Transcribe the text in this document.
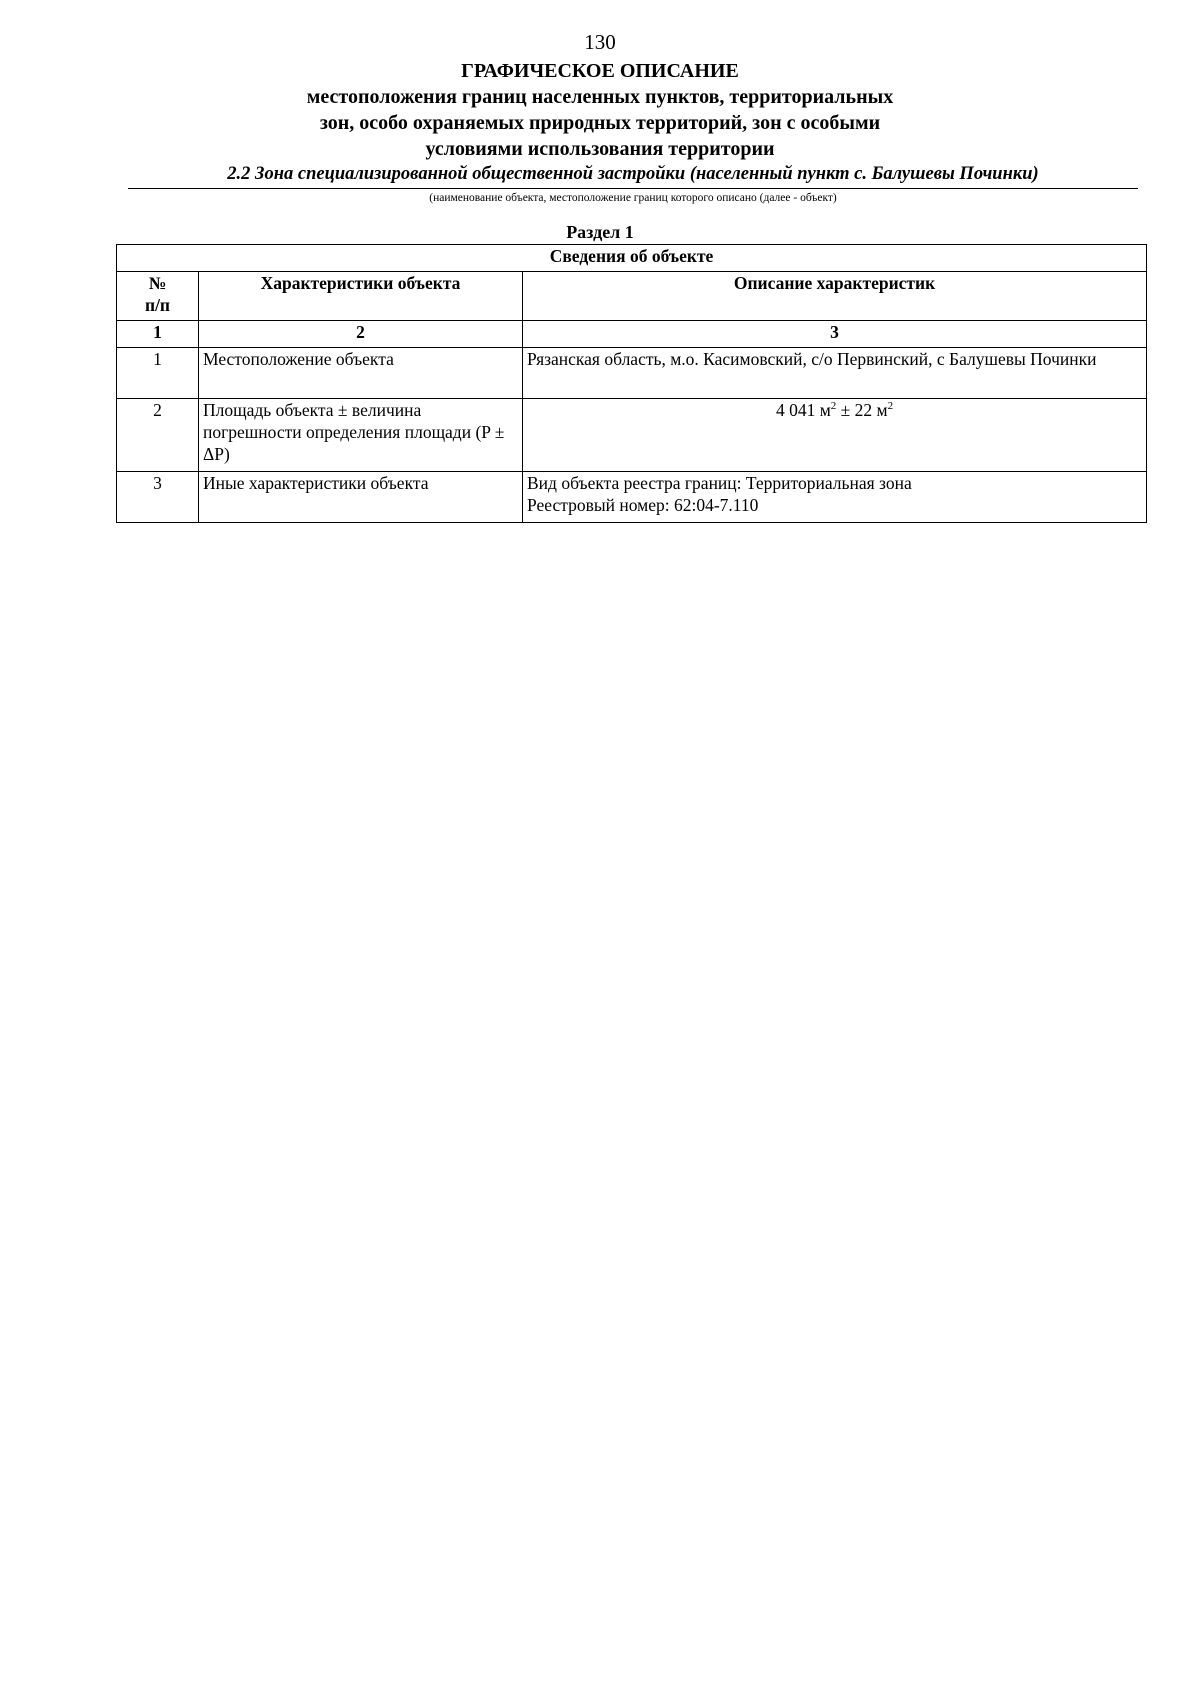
130
ГРАФИЧЕСКОЕ ОПИСАНИЕ
местоположения границ населенных пунктов, территориальных
зон, особо охраняемых природных территорий, зон с особыми
условиями использования территории
2.2 Зона специализированной общественной застройки (населенный пункт с. Балушевы Починки)
(наименование объекта, местоположение границ которого описано (далее - объект)
Раздел 1
Сведения об объекте		

№
п/п	Характеристики объекта	Описание характеристик
1	2	3
1	Местоположение объекта	Рязанская область, м.о. Касимовский, с/о Первинский, с Балушевы Починки
2	Площадь объекта ± величина погрешности определения площади (P ± ΔP)	4 041 $м^2 \pm 22$ $м^2$
3	Иные характеристики объекта	Вид объекта реестра границ: Территориальная зона
Реестровый номер: 62:04-7.110
